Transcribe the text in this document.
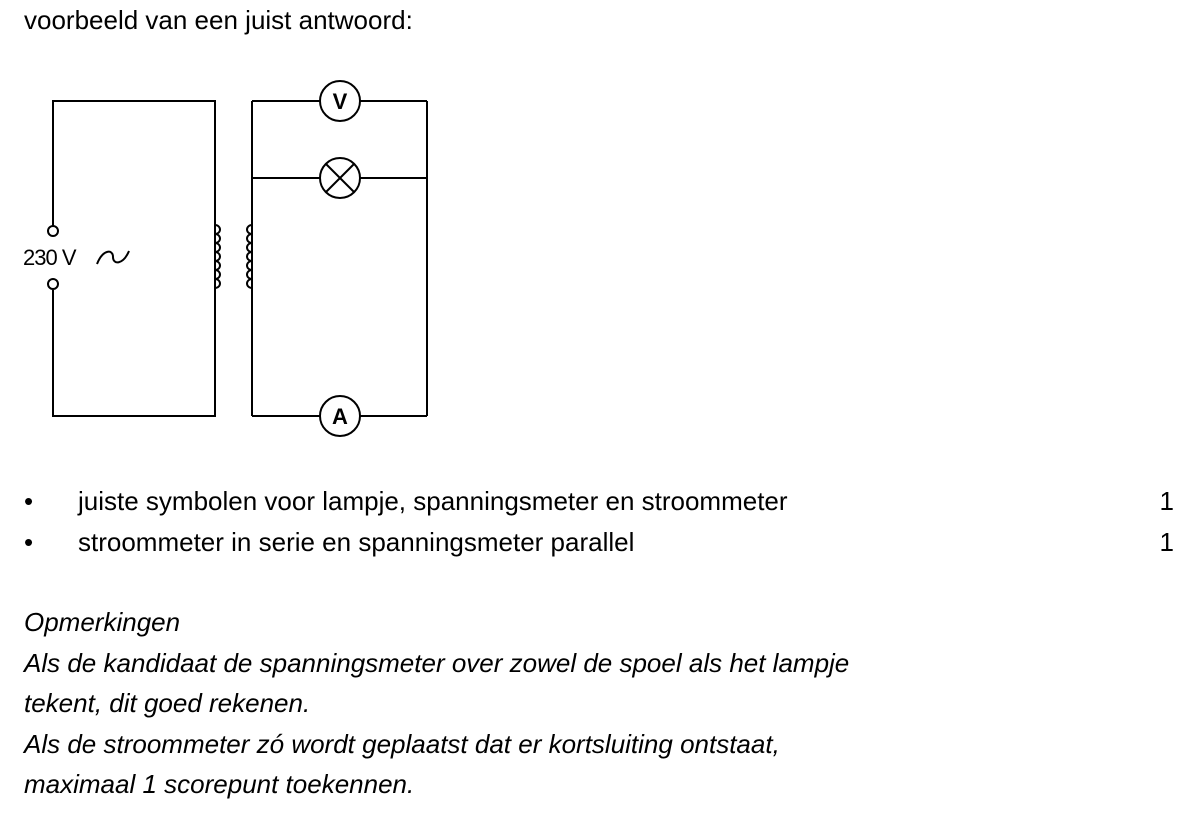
voorbeeld van een juist antwoord:
V
A
230 V
• juiste symbolen voor lampje, spanningsmeter en stroommeter	1
• stroommeter in serie en spanningsmeter parallel	1
Opmerkingen
Als de kandidaat de spanningsmeter over zowel de spoel als het lampje
tekent, dit goed rekenen.
Als de stroommeter zó wordt geplaatst dat er kortsluiting ontstaat,
maximaal 1 scorepunt toekennen.
